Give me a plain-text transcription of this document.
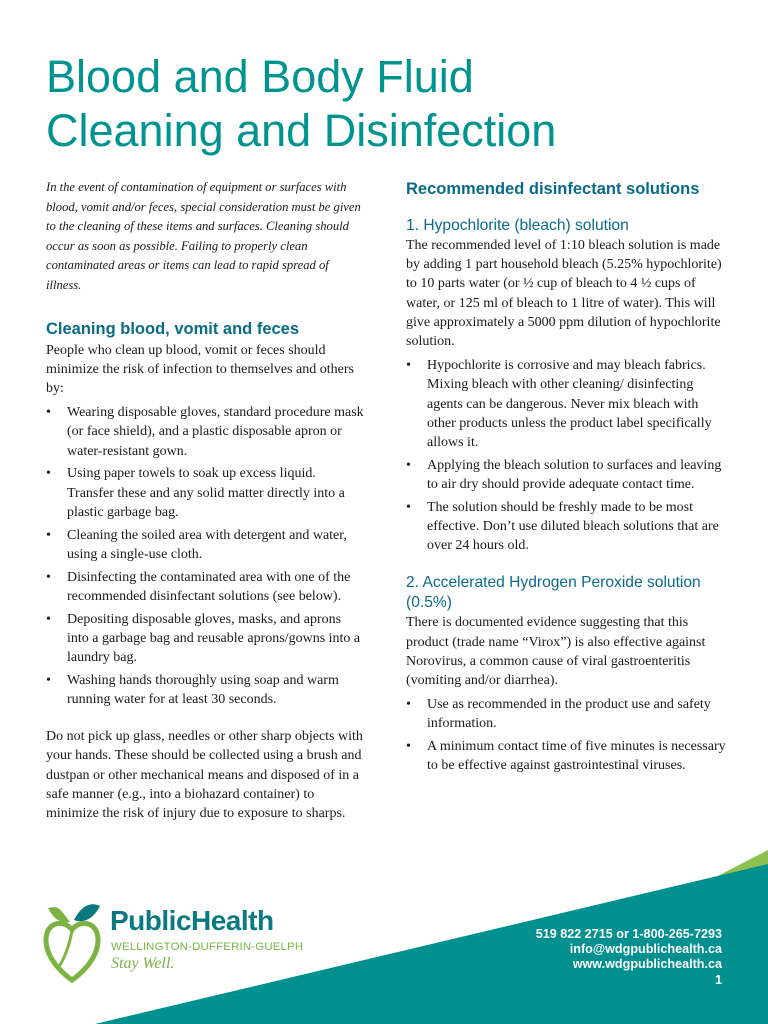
Blood and Body Fluid
Cleaning and Disinfection

In the event of contamination of equipment or surfaces with blood, vomit and/or feces, special consideration must be given to the cleaning of these items and surfaces. Cleaning should occur as soon as possible. Failing to properly clean contaminated areas or items can lead to rapid spread of illness.

Cleaning blood, vomit and feces

People who clean up blood, vomit or feces should minimize the risk of infection to themselves and others by:

• Wearing disposable gloves, standard procedure mask (or face shield), and a plastic disposable apron or water-resistant gown.
• Using paper towels to soak up excess liquid. Transfer these and any solid matter directly into a plastic garbage bag.
• Cleaning the soiled area with detergent and water, using a single-use cloth.
• Disinfecting the contaminated area with one of the recommended disinfectant solutions (see below).
• Depositing disposable gloves, masks, and aprons into a garbage bag and reusable aprons/gowns into a laundry bag.
• Washing hands thoroughly using soap and warm running water for at least 30 seconds.

Do not pick up glass, needles or other sharp objects with your hands. These should be collected using a brush and dustpan or other mechanical means and disposed of in a safe manner (e.g., into a biohazard container) to minimize the risk of injury due to exposure to sharps.

Recommended disinfectant solutions
1. Hypochlorite (bleach) solution

The recommended level of 1:10 bleach solution is made by adding 1 part household bleach (5.25% hypochlorite) to 10 parts water (or ½ cup of bleach to 4 ½ cups of water, or 125 ml of bleach to 1 litre of water). This will give approximately a 5000 ppm dilution of hypochlorite solution.

• Hypochlorite is corrosive and may bleach fabrics. Mixing bleach with other cleaning/ disinfecting agents can be dangerous. Never mix bleach with other products unless the product label specifically allows it.
• Applying the bleach solution to surfaces and leaving to air dry should provide adequate contact time.
• The solution should be freshly made to be most effective. Don’t use diluted bleach solutions that are over 24 hours old.
2. Accelerated Hydrogen Peroxide solution (0.5%)

There is documented evidence suggesting that this product (trade name “Virox”) is also effective against Norovirus, a common cause of viral gastroenteritis (vomiting and/or diarrhea).

• Use as recommended in the product use and safety information.
• A minimum contact time of five minutes is necessary to be effective against gastrointestinal viruses.
PublicHealth
WELLINGTON-DUFFERIN-GUELPH
Stay Well.
519 822 2715 or 1-800-265-7293
info@wdgpublichealth.ca
www.wdgpublichealth.ca
1
